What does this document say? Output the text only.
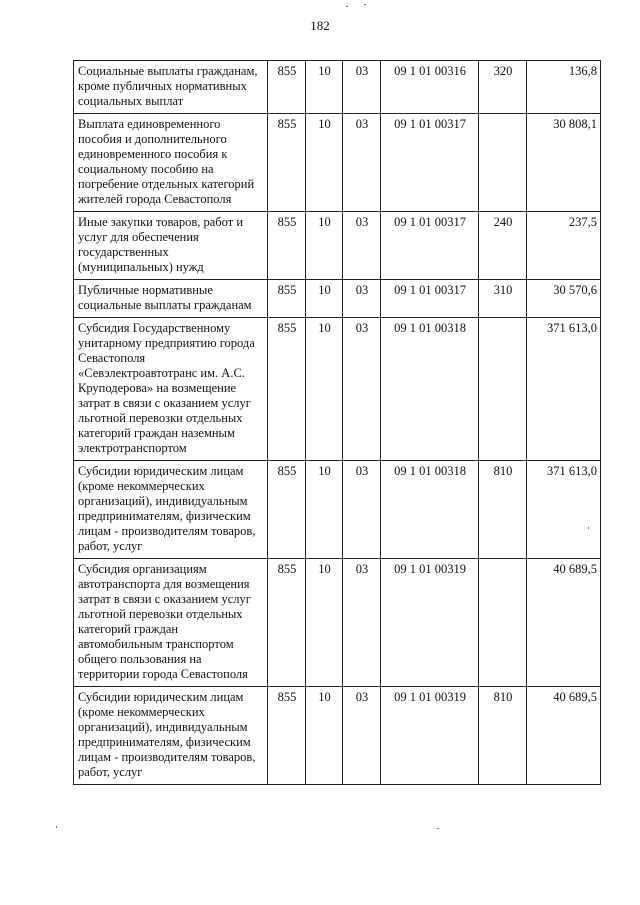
182
Социальные выплаты гражданам, кроме публичных нормативных социальных выплат	855	10	03	09 1 01 00316	320	136,8
Выплата единовременного пособия и дополнительного единовременного пособия к социальному пособию на погребение отдельных категорий жителей города Севастополя	855	10	03	09 1 01 00317		30 808,1
Иные закупки товаров, работ и услуг для обеспечения государственных (муниципальных) нужд	855	10	03	09 1 01 00317	240	237,5
Публичные нормативные социальные выплаты гражданам	855	10	03	09 1 01 00317	310	30 570,6
Субсидия Государственному унитарному предприятию города Севастополя «Севэлектроавтотранс им. А.С. Круподерова» на возмещение затрат в связи с оказанием услуг льготной перевозки отдельных категорий граждан наземным электротранспортом	855	10	03	09 1 01 00318		371 613,0
Субсидии юридическим лицам (кроме некоммерческих организаций), индивидуальным предпринимателям, физическим лицам - производителям товаров, работ, услуг	855	10	03	09 1 01 00318	810	371 613,0
Субсидия организациям автотранспорта для возмещения затрат в связи с оказанием услуг льготной перевозки отдельных категорий граждан автомобильным транспортом общего пользования на территории города Севастополя	855	10	03	09 1 01 00319		40 689,5
Субсидии юридическим лицам (кроме некоммерческих организаций), индивидуальным предпринимателям, физическим лицам - производителям товаров, работ, услуг	855	10	03	09 1 01 00319	810	40 689,5
